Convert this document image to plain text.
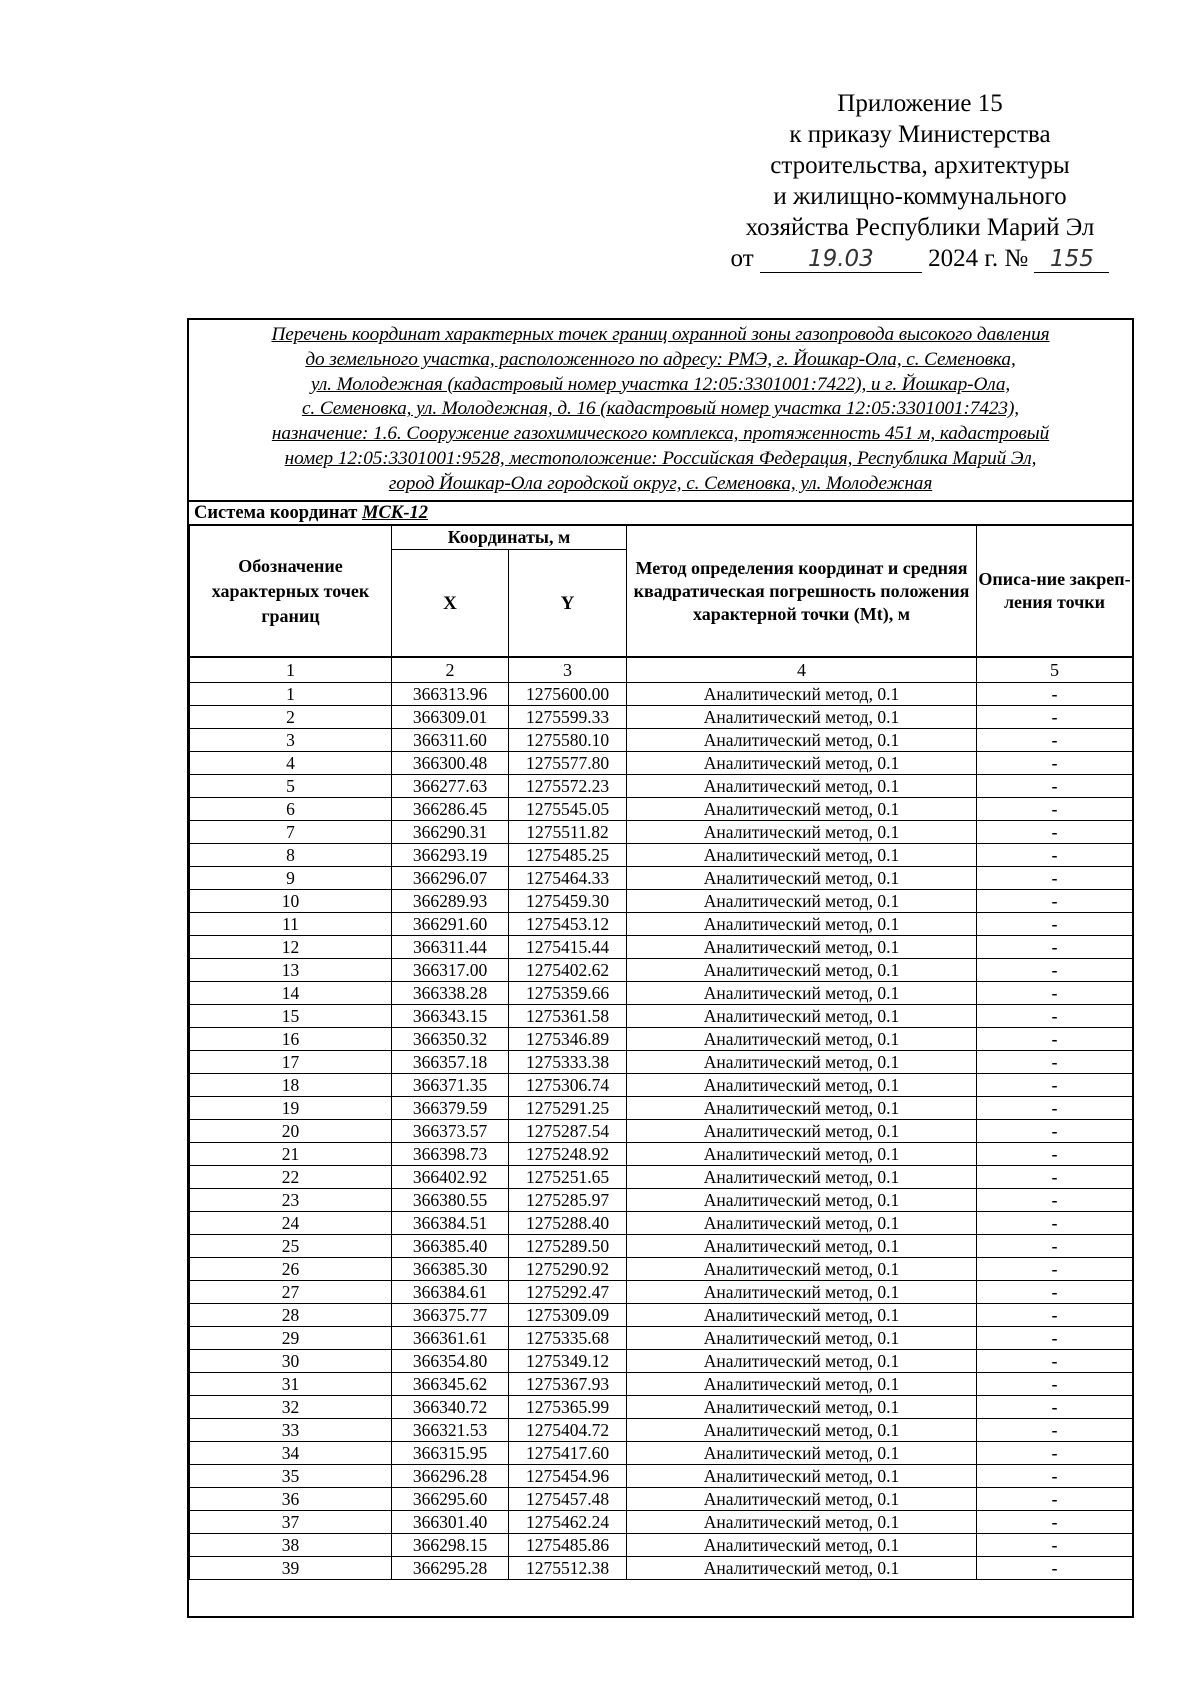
Приложение 15
к приказу Министерства
строительства, архитектуры
и жилищно-коммунального
хозяйства Республики Марий Эл
от 19.03 2024 г. № 155
Перечень координат характерных точек границ охранной зоны газопровода высокого давления
до земельного участка, расположенного по адресу: РМЭ, г. Йошкар-Ола, с. Семеновка,
ул. Молодежная (кадастровый номер участка 12:05:3301001:7422), и г. Йошкар-Ола,
с. Семеновка, ул. Молодежная, д. 16 (кадастровый номер участка 12:05:3301001:7423),
назначение: 1.6. Сооружение газохимического комплекса, протяженность 451 м, кадастровый
номер 12:05:3301001:9528, местоположение: Российская Федерация, Республика Марий Эл,
город Йошкар-Ола городской округ, с. Семеновка, ул. Молодежная
Система координат МСК-12
Обозначение характерных точек границ	Координаты, м		Метод определения координат и средняя квадратическая погрешность положения характерной точки (Mt), м	Описа-ние закреп-ления точки
	X	Y		
1	2	3	4	5
1	366313.96	1275600.00	Аналитический метод, 0.1	-
2	366309.01	1275599.33	Аналитический метод, 0.1	-
3	366311.60	1275580.10	Аналитический метод, 0.1	-
4	366300.48	1275577.80	Аналитический метод, 0.1	-
5	366277.63	1275572.23	Аналитический метод, 0.1	-
6	366286.45	1275545.05	Аналитический метод, 0.1	-
7	366290.31	1275511.82	Аналитический метод, 0.1	-
8	366293.19	1275485.25	Аналитический метод, 0.1	-
9	366296.07	1275464.33	Аналитический метод, 0.1	-
10	366289.93	1275459.30	Аналитический метод, 0.1	-
11	366291.60	1275453.12	Аналитический метод, 0.1	-
12	366311.44	1275415.44	Аналитический метод, 0.1	-
13	366317.00	1275402.62	Аналитический метод, 0.1	-
14	366338.28	1275359.66	Аналитический метод, 0.1	-
15	366343.15	1275361.58	Аналитический метод, 0.1	-
16	366350.32	1275346.89	Аналитический метод, 0.1	-
17	366357.18	1275333.38	Аналитический метод, 0.1	-
18	366371.35	1275306.74	Аналитический метод, 0.1	-
19	366379.59	1275291.25	Аналитический метод, 0.1	-
20	366373.57	1275287.54	Аналитический метод, 0.1	-
21	366398.73	1275248.92	Аналитический метод, 0.1	-
22	366402.92	1275251.65	Аналитический метод, 0.1	-
23	366380.55	1275285.97	Аналитический метод, 0.1	-
24	366384.51	1275288.40	Аналитический метод, 0.1	-
25	366385.40	1275289.50	Аналитический метод, 0.1	-
26	366385.30	1275290.92	Аналитический метод, 0.1	-
27	366384.61	1275292.47	Аналитический метод, 0.1	-
28	366375.77	1275309.09	Аналитический метод, 0.1	-
29	366361.61	1275335.68	Аналитический метод, 0.1	-
30	366354.80	1275349.12	Аналитический метод, 0.1	-
31	366345.62	1275367.93	Аналитический метод, 0.1	-
32	366340.72	1275365.99	Аналитический метод, 0.1	-
33	366321.53	1275404.72	Аналитический метод, 0.1	-
34	366315.95	1275417.60	Аналитический метод, 0.1	-
35	366296.28	1275454.96	Аналитический метод, 0.1	-
36	366295.60	1275457.48	Аналитический метод, 0.1	-
37	366301.40	1275462.24	Аналитический метод, 0.1	-
38	366298.15	1275485.86	Аналитический метод, 0.1	-
39	366295.28	1275512.38	Аналитический метод, 0.1	-
